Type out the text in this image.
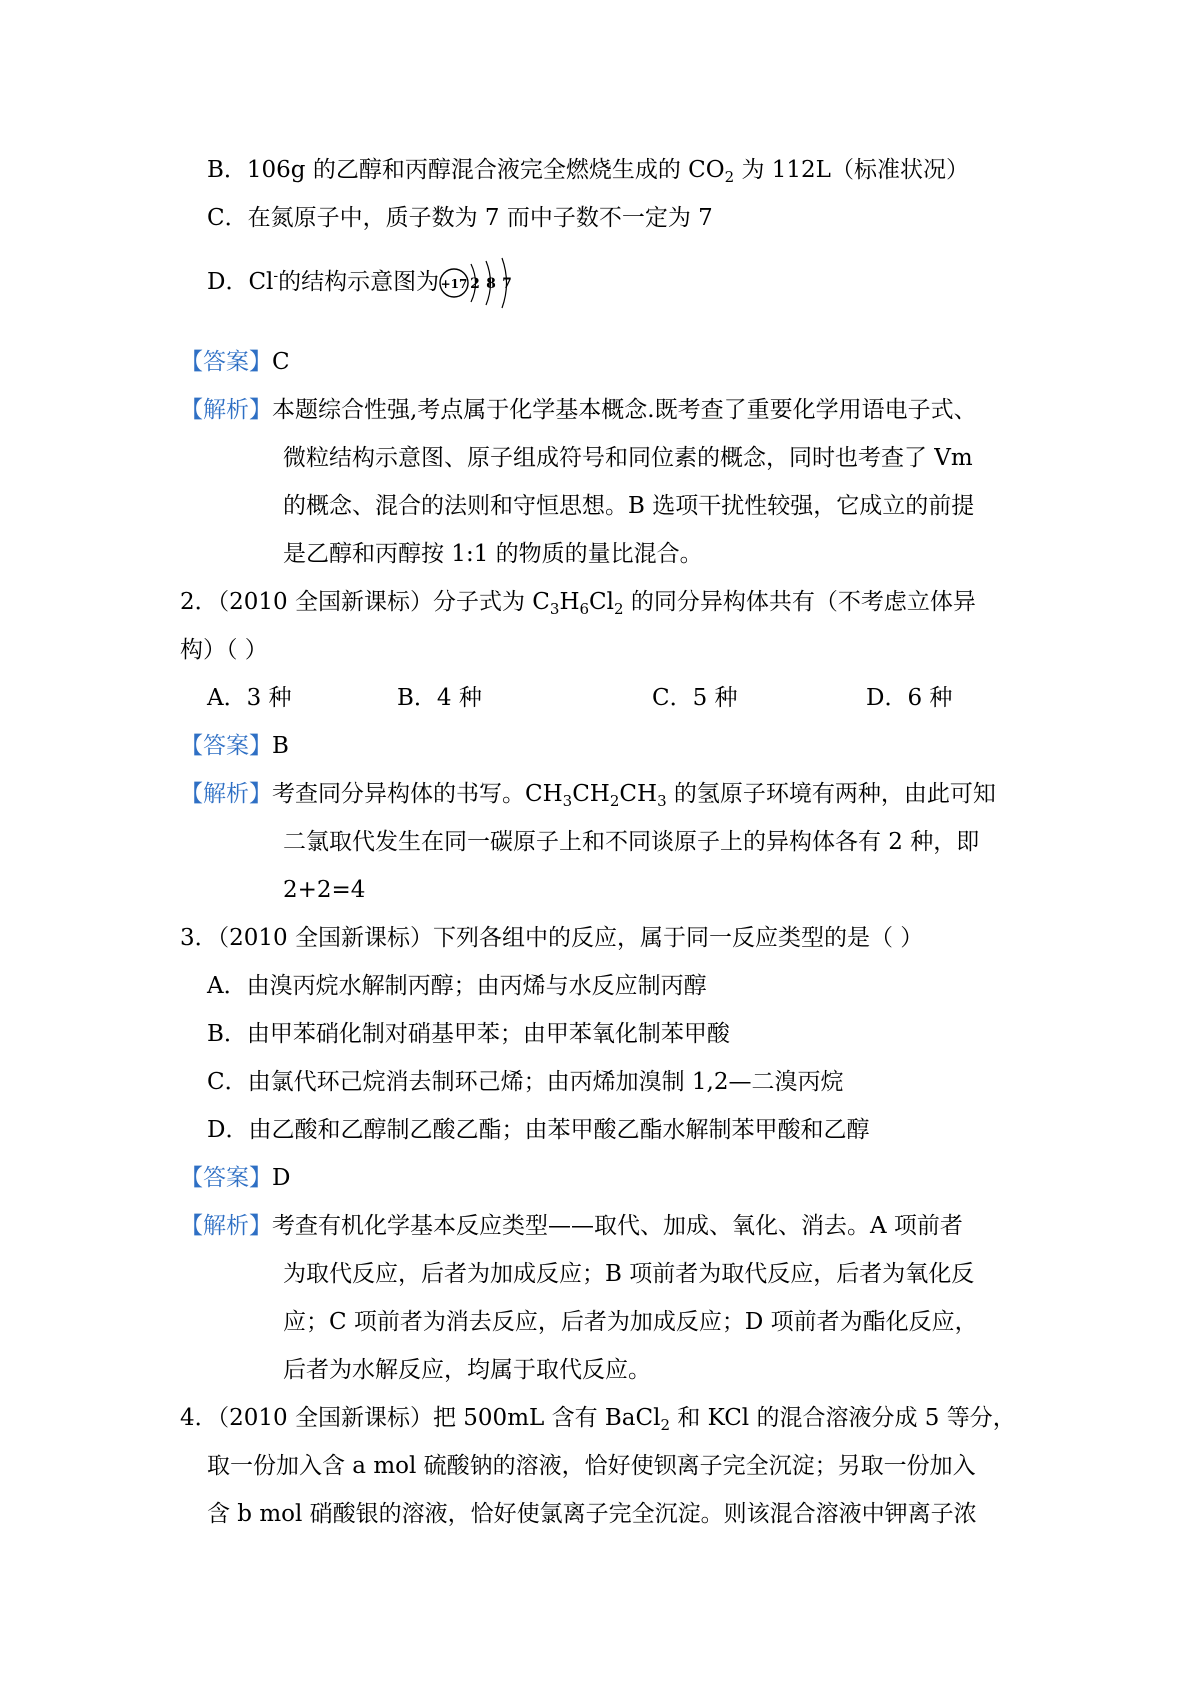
B．106g 的乙醇和丙醇混合液完全燃烧生成的 $CO_2$ 为 112L（标准状况）
C．在氮原子中，质子数为 7 而中子数不一定为 7
D．Cl-的结构示意图为 +17 2 8 7
【答案】C
【解析】本题综合性强,考点属于化学基本概念.既考查了重要化学用语电子式、
微粒结构示意图、原子组成符号和同位素的概念，同时也考查了 Vm
的概念、混合的法则和守恒思想。B 选项干扰性较强，它成立的前提
是乙醇和丙醇按 1:1 的物质的量比混合。
2．（2010 全国新课标）分子式为 $C_3H_6Cl_2$ 的同分异构体共有（不考虑立体异
构）（ ）
A．3 种	B．4 种	C．5 种	D．6 种
【答案】B
【解析】考查同分异构体的书写。$CH_3CH_2CH_3$ 的氢原子环境有两种，由此可知
二氯取代发生在同一碳原子上和不同谈原子上的异构体各有 2 种，即
2+2=4
3．（2010 全国新课标）下列各组中的反应，属于同一反应类型的是（ ）
A．由溴丙烷水解制丙醇；由丙烯与水反应制丙醇
B．由甲苯硝化制对硝基甲苯；由甲苯氧化制苯甲酸
C．由氯代环己烷消去制环己烯；由丙烯加溴制 1,2—二溴丙烷
D．由乙酸和乙醇制乙酸乙酯；由苯甲酸乙酯水解制苯甲酸和乙醇
【答案】D
【解析】考查有机化学基本反应类型——取代、加成、氧化、消去。A 项前者
为取代反应，后者为加成反应；B 项前者为取代反应，后者为氧化反
应；C 项前者为消去反应，后者为加成反应；D 项前者为酯化反应，
后者为水解反应，均属于取代反应。
4．（2010 全国新课标）把 500mL 含有 BaCl$_2$ 和 KCl 的混合溶液分成 5 等分，
取一份加入含 a mol 硫酸钠的溶液，恰好使钡离子完全沉淀；另取一份加入
含 b mol 硝酸银的溶液，恰好使氯离子完全沉淀。则该混合溶液中钾离子浓
